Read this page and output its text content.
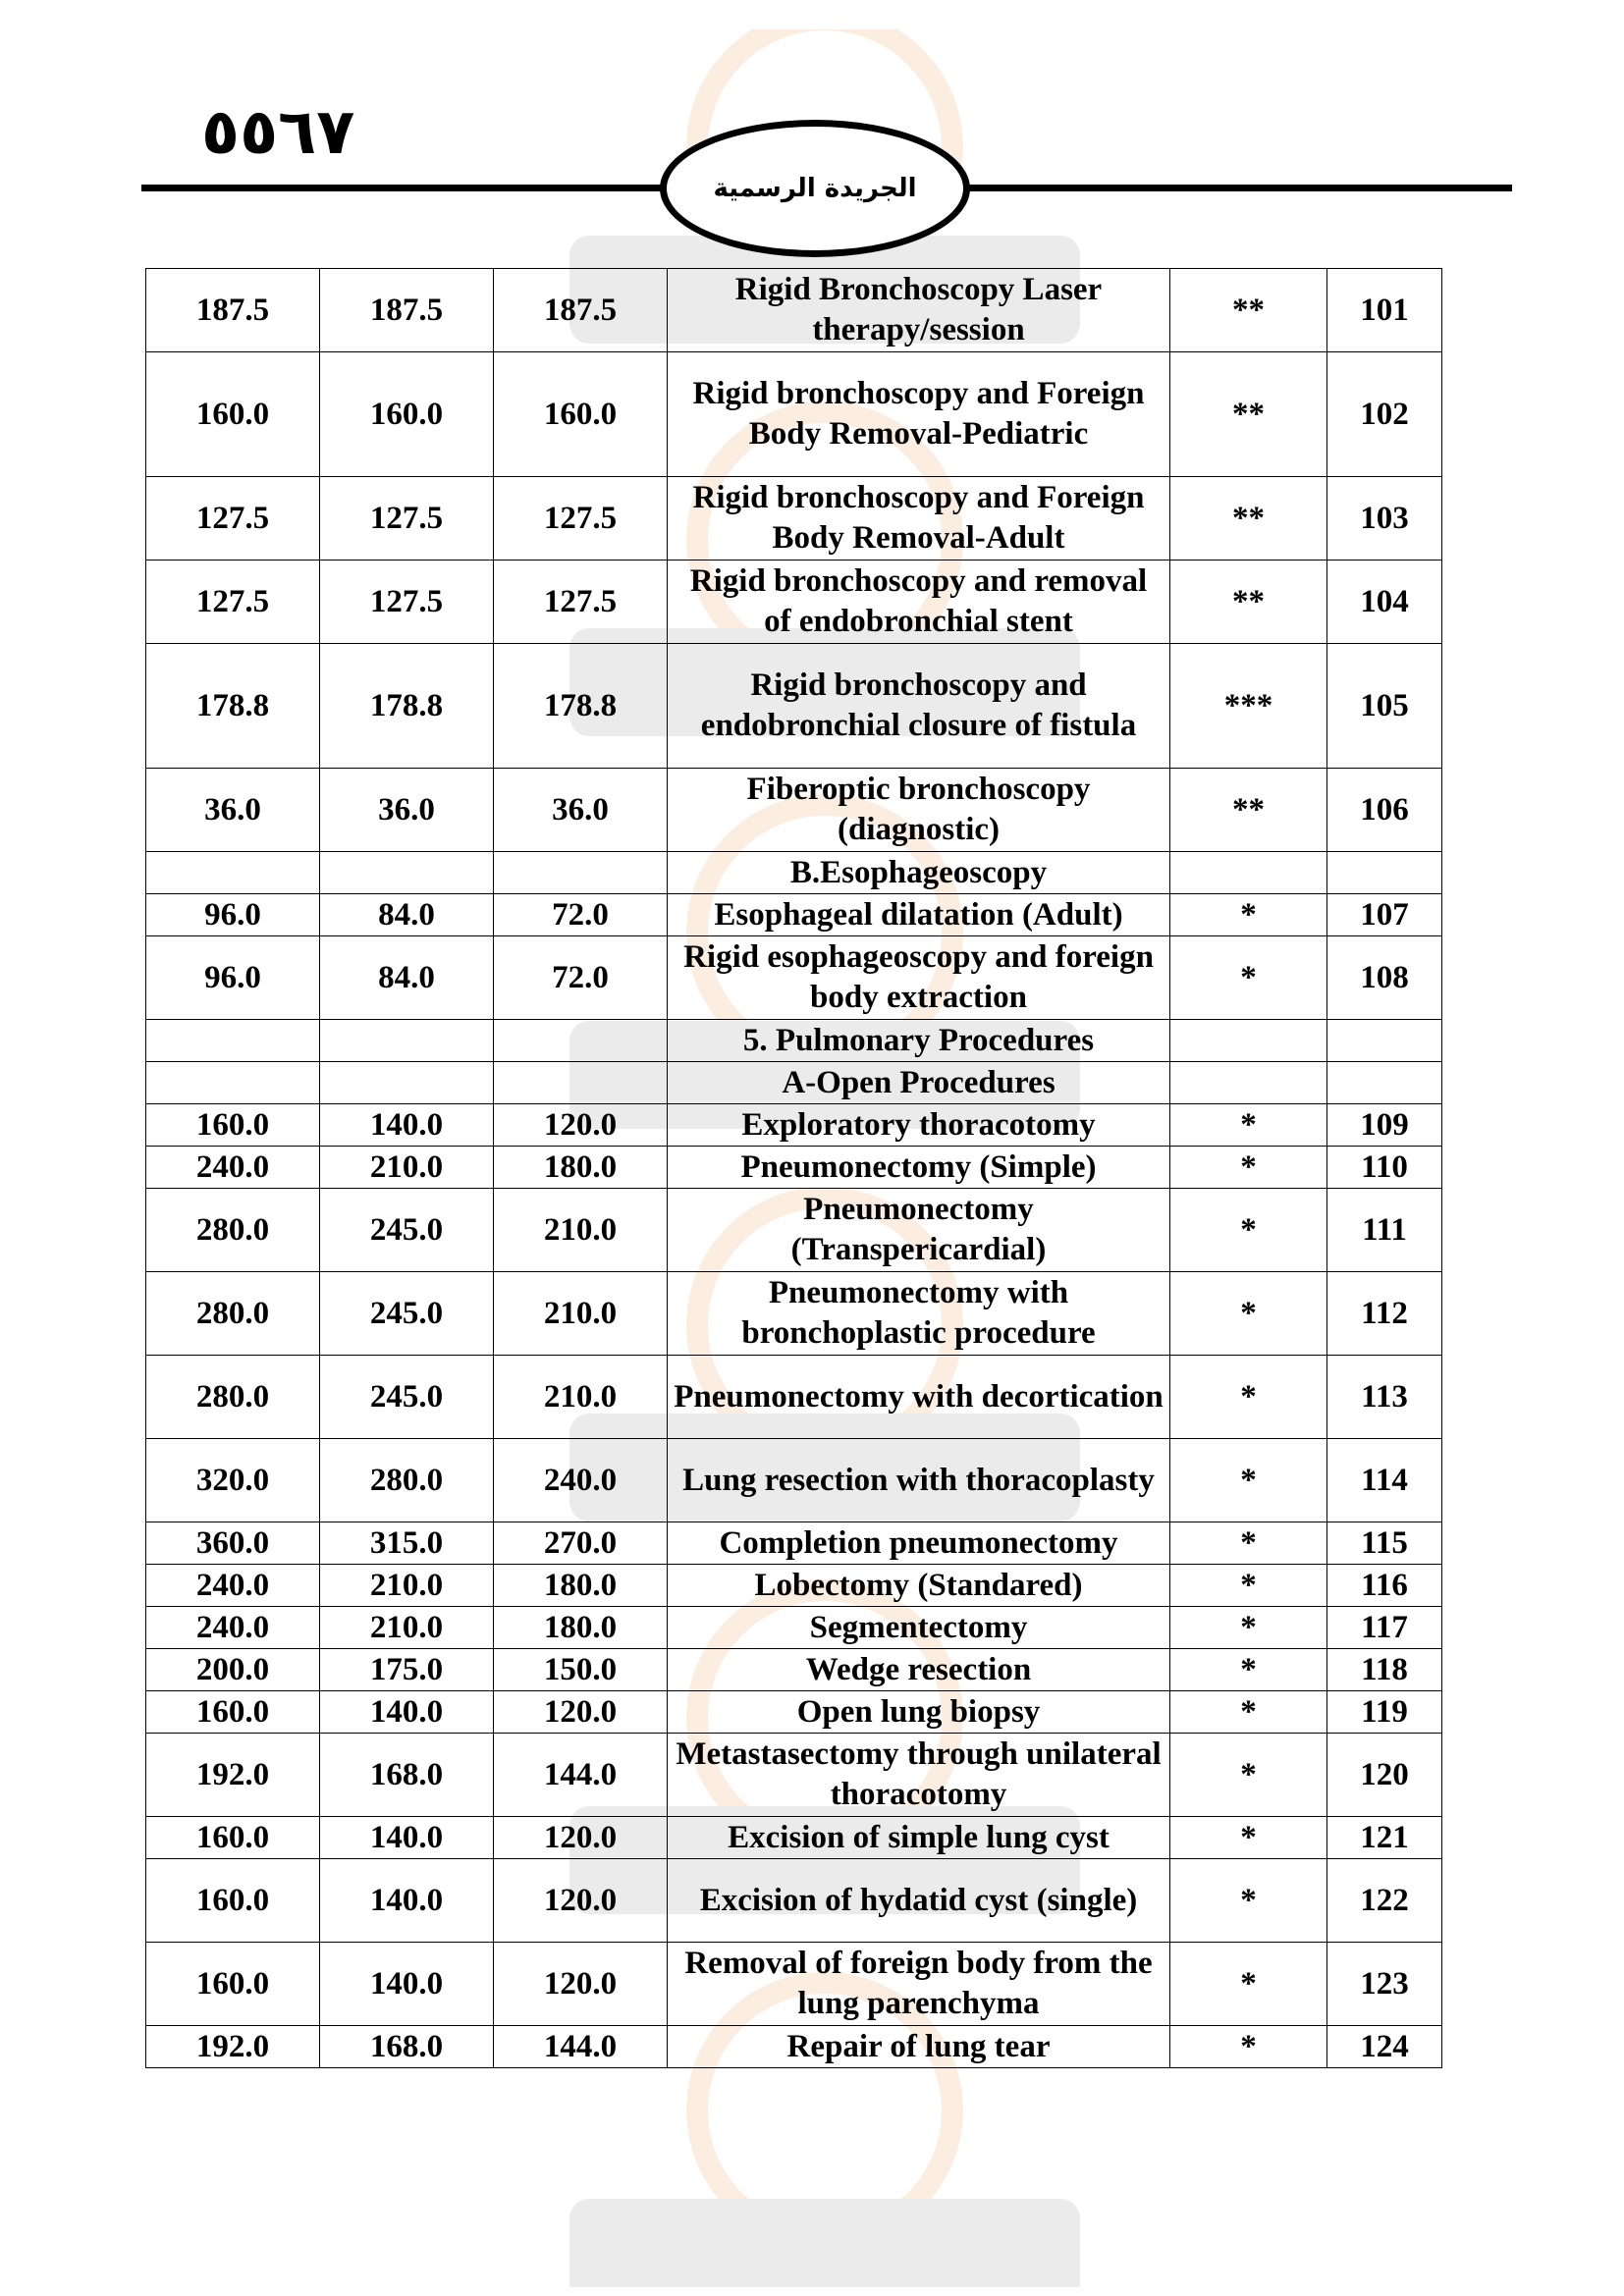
٥٥٦٧
الجريدة الرسمية
187.5	187.5	187.5	Rigid Bronchoscopy Laser therapy/session	**	101
160.0	160.0	160.0	Rigid bronchoscopy and Foreign Body Removal-Pediatric	**	102
127.5	127.5	127.5	Rigid bronchoscopy and Foreign Body Removal-Adult	**	103
127.5	127.5	127.5	Rigid bronchoscopy and removal of endobronchial stent	**	104
178.8	178.8	178.8	Rigid bronchoscopy and endobronchial closure of fistula	***	105
36.0	36.0	36.0	Fiberoptic bronchoscopy (diagnostic)	**	106
			B.Esophageoscopy		
96.0	84.0	72.0	Esophageal dilatation (Adult)	*	107
96.0	84.0	72.0	Rigid esophageoscopy and foreign body extraction	*	108
			5. Pulmonary Procedures		
			A-Open Procedures		
160.0	140.0	120.0	Exploratory thoracotomy	*	109
240.0	210.0	180.0	Pneumonectomy (Simple)	*	110
280.0	245.0	210.0	Pneumonectomy (Transpericardial)	*	111
280.0	245.0	210.0	Pneumonectomy with bronchoplastic procedure	*	112
280.0	245.0	210.0	Pneumonectomy with decortication	*	113
320.0	280.0	240.0	Lung resection with thoracoplasty	*	114
360.0	315.0	270.0	Completion pneumonectomy	*	115
240.0	210.0	180.0	Lobectomy (Standared)	*	116
240.0	210.0	180.0	Segmentectomy	*	117
200.0	175.0	150.0	Wedge resection	*	118
160.0	140.0	120.0	Open lung biopsy	*	119
192.0	168.0	144.0	Metastasectomy through unilateral thoracotomy	*	120
160.0	140.0	120.0	Excision of simple lung cyst	*	121
160.0	140.0	120.0	Excision of hydatid cyst (single)	*	122
160.0	140.0	120.0	Removal of foreign body from the lung parenchyma	*	123
192.0	168.0	144.0	Repair of lung tear	*	124
